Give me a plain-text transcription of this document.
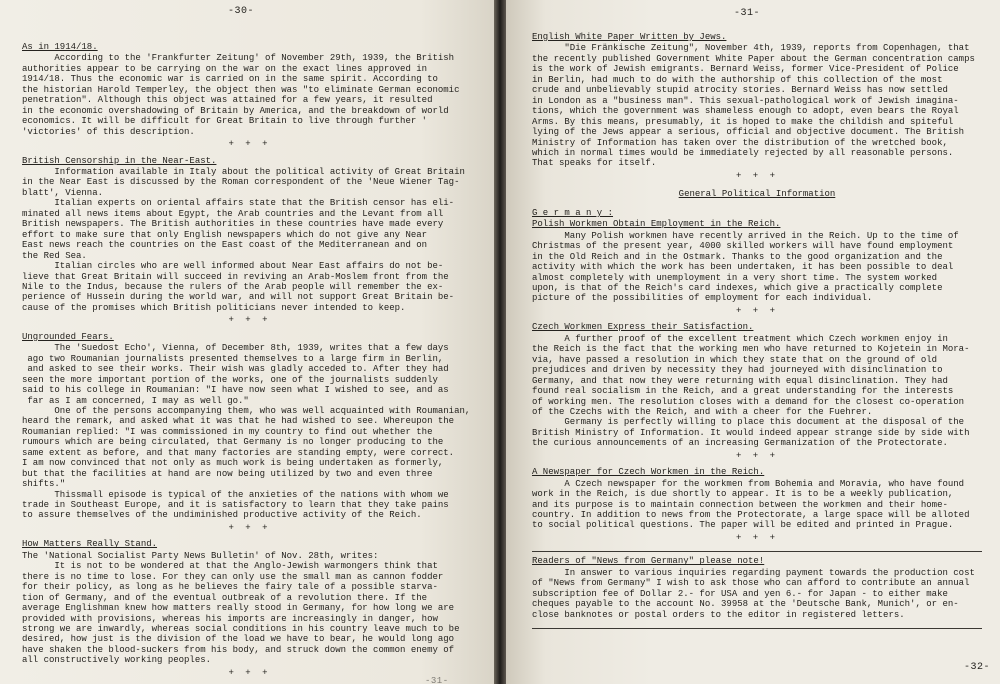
-30-
As in 1914/18.

According to the 'Frankfurter Zeitung' of November 29th, 1939, the British
authorities appear to be carrying on the war on the exact lines approved in
1914/18. Thus the economic war is carried on in the same spirit. According to
the historian Harold Temperley, the object then was "to eliminate German economic
penetration". Although this object was attained for a few years, it resulted
in the economic overshadowing of Britain by America, and the breakdown of world
economics. It will be difficult for Great Britain to live through further '
'victories' of this description.

+ + +
British Censorship in the Near-East.

Information available in Italy about the political activity of Great Britain
in the Near East is discussed by the Roman correspondent of the 'Neue Wiener Tag-
blatt', Vienna.

Italian experts on oriental affairs state that the British censor has eli-
minated all news items about Egypt, the Arab countries and the Levant from all
British newspapers. The British authorities in these countries have made every
effort to make sure that only English newspapers which do not give any Near
East news reach the countries on the East coast of the Mediterranean and on
the Red Sea.

Italian circles who are well informed about Near East affairs do not be-
lieve that Great Britain will succeed in reviving an Arab-Moslem front from the
Nile to the Indus, because the rulers of the Arab people will remember the ex-
perience of Hussein during the world war, and will not support Great Britain be-
cause of the promises which British politicians never intended to keep.

+ + +
Ungrounded Fears.

The 'Suedost Echo', Vienna, of December 8th, 1939, writes that a few days
ago two Roumanian journalists presented themselves to a large firm in Berlin,
and asked to see their works. Their wish was gladly acceded to. After they had
seen the more important portion of the works, one of the journalists suddenly
said to his college in Roumanian: "I have now seen what I wished to see, and as
far as I am concerned, I may as well go."

One of the persons accompanying them, who was well acquainted with Roumanian,
heard the remark, and asked what it was that he had wished to see. Whereupon the
Roumanian replied: "I was commissioned in my country to find out whether the
rumours which are being circulated, that Germany is no longer producing to the
same extent as before, and that many factories are standing empty, were correct.
I am now convinced that not only as much work is being undertaken as formerly,
but that the facilities at hand are now being utilized by two and even three
shifts."

Thissmall episode is typical of the anxieties of the nations with whom we
trade in Southeast Europe, and it is satisfactory to learn that they take pains
to assure themselves of the undiminished productive activity of the Reich.

+ + +
How Matters Really Stand.

The 'National Socialist Party News Bulletin' of Nov. 28th, writes:
It is not to be wondered at that the Anglo-Jewish warmongers think that
there is no time to lose. For they can only use the small man as cannon fodder
for their policy, as long as he believes the fairy tale of a possible starva-
tion of Germany, and of the eventual outbreak of a revolution there. If the
average Englishman knew how matters really stood in Germany, for how long we are
provided with provisions, whereas his imports are increasingly in danger, how
strong we are inwardly, whereas social conditions in his country leave much to be
desired, how just is the division of the load we have to bear, he would long ago
have shaken the blood-suckers from his body, and struck down the common enemy of
all constructively working peoples.

+ + +
-31-
-31-
English White Paper Written by Jews.

"Die Fränkische Zeitung", November 4th, 1939, reports from Copenhagen, that
the recently published Government White Paper about the German concentration camps
is the work of Jewish emigrants. Bernard Weiss, former Vice-President of Police
in Berlin, had much to do with the authorship of this collection of the most
crude and unbelievably stupid atrocity stories. Bernard Weiss has now settled
in London as a "business man". This sexual-pathological work of Jewish imagina-
tions, which the government was shameless enough to adopt, even bears the Royal
Arms. By this means, presumably, it is hoped to make the childish and spiteful
lying of the Jews appear a serious, official and objective document. The British
Ministry of Information has taken over the distribution of the wretched book,
which in normal times would be immediately rejected by all reasonable persons.
That speaks for itself.

+ + +
General Political Information
G e r m a n y :
Polish Workmen Obtain Employment in the Reich.

Many Polish workmen have recently arrived in the Reich. Up to the time of
Christmas of the present year, 4000 skilled workers will have found employment
in the Old Reich and in the Ostmark. Thanks to the good organization and the
activity with which the work has been undertaken, it has been possible to deal
almost completely with unemployment in a very short time. The system worked
upon, is that of the Reich's card indexes, which give a practically complete
picture of the possibilities of employment for each individual.

+ + +
Czech Workmen Express their Satisfaction.

A further proof of the excellent treatment which Czech workmen enjoy in
the Reich is the fact that the working men who have returned to Kojetein in Mora-
via, have passed a resolution in which they state that on the ground of old
prejudices and driven by necessity they had journeyed with disinclination to
Germany, and that now they were returning with equal disinclination. They had
found real socialism in the Reich, and a great understanding for the interests
of working men. The resolution closes with a demand for the closest co-operation
of the Czechs with the Reich, and with a cheer for the Fuehrer.

Germany is perfectly willing to place this document at the disposal of the
British Ministry of Information. It would indeed appear strange side by side with
the curious announcements of an increasing Germanization of the Protectorate.

+ + +
A Newspaper for Czech Workmen in the Reich.

A Czech newspaper for the workmen from Bohemia and Moravia, who have found
work in the Reich, is due shortly to appear. It is to be a weekly publication,
and its purpose is to maintain connection between the workmen and their home-
country. In addition to news from the Protectorate, a large space will be alloted
to social political questions. The paper will be edited and printed in Prague.

+ + +
Readers of "News from Germany" please note!

In answer to various inquiries regarding payment towards the production cost
of "News from Germany" I wish to ask those who can afford to contribute an annual
subscription fee of Dollar 2.- for USA and yen 6.- for Japan - to either make
cheques payable to the account No. 39958 at the 'Deutsche Bank, Munich', or en-
close banknotes or postal orders to the editor in registered letters.

-32-
